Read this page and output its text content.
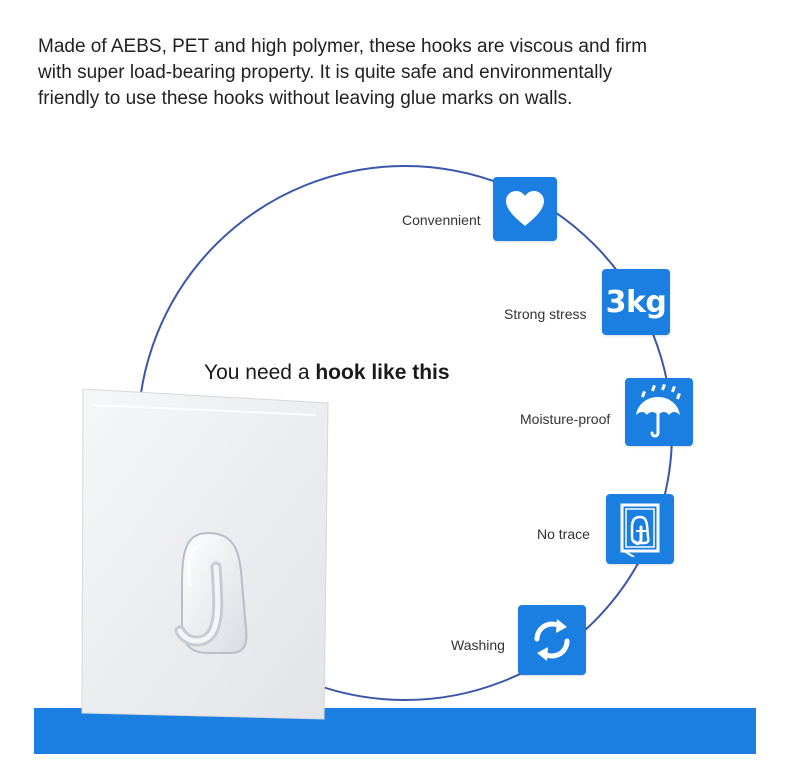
Made of AEBS, PET and high polymer, these hooks are viscous and firm
with super load-bearing property. It is quite safe and environmentally
friendly to use these hooks without leaving glue marks on walls.

You need a hook like this
Convennient
Strong stress 3kg
Moisture-proof
No trace
Washing
